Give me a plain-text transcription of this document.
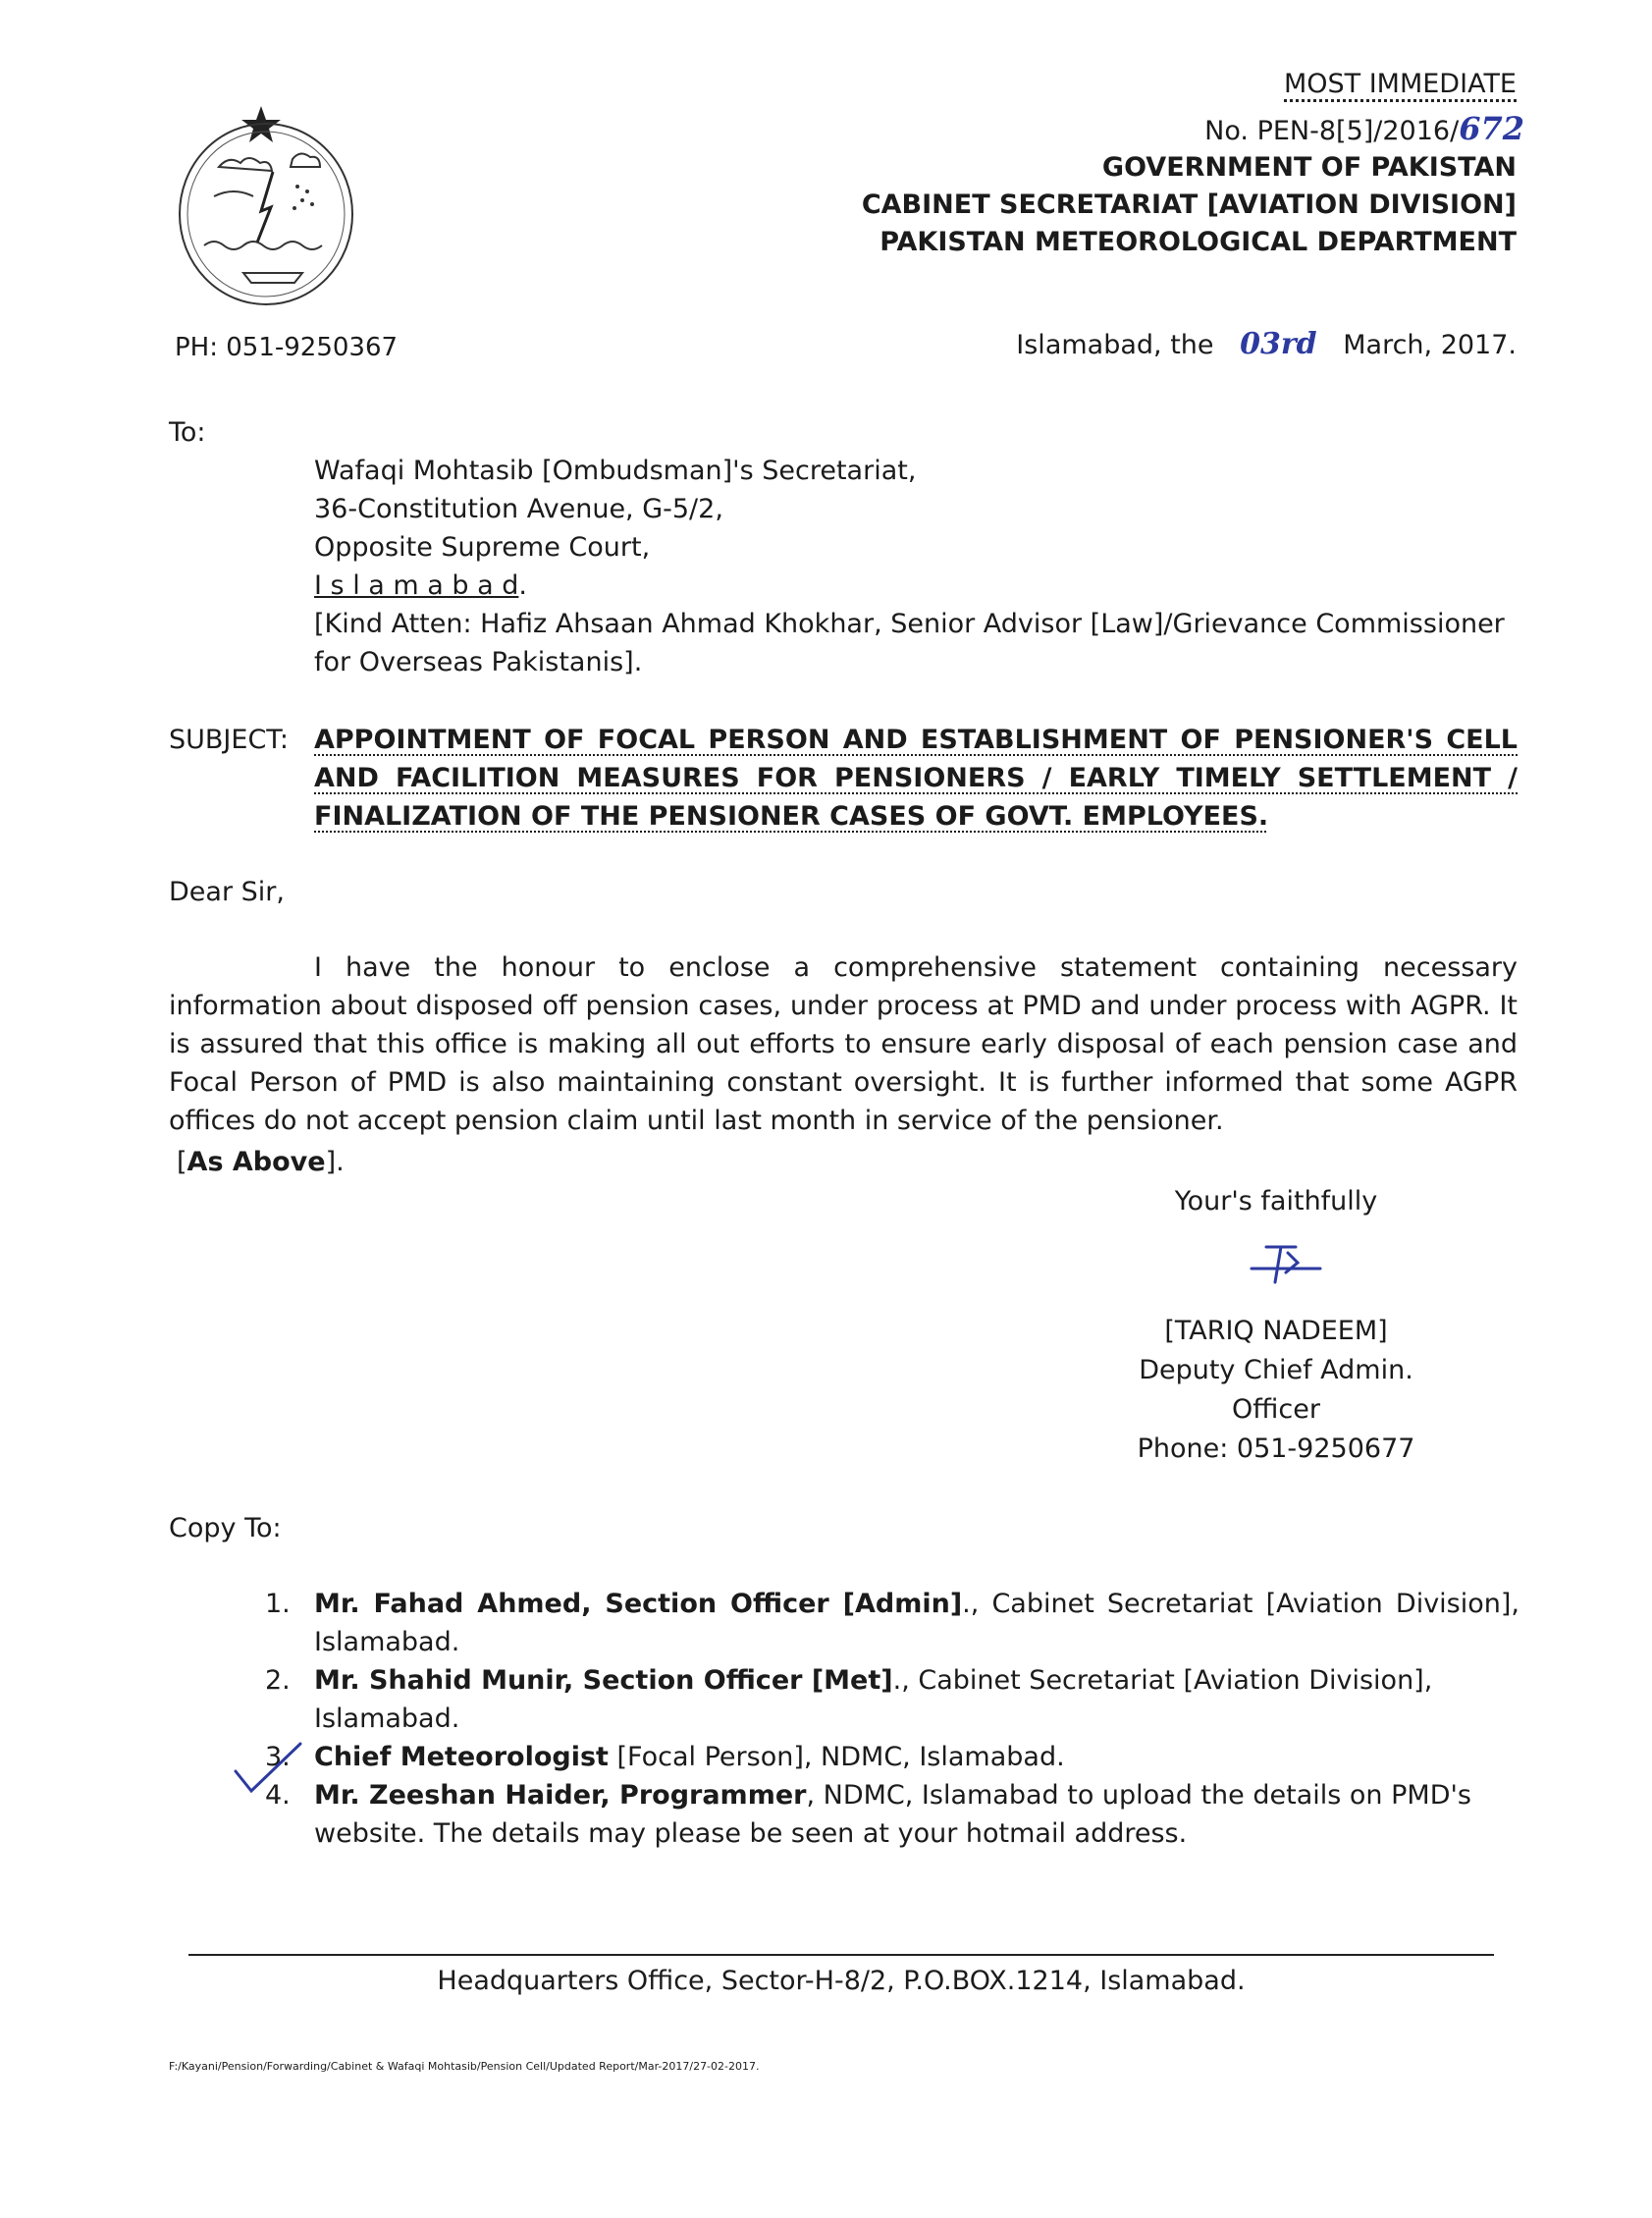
PH: 051-9250367
MOST IMMEDIATE
No. PEN-8[5]/2016/672
GOVERNMENT OF PAKISTAN
CABINET SECRETARIAT [AVIATION DIVISION]
PAKISTAN METEOROLOGICAL DEPARTMENT
Islamabad, the 03rd March, 2017.
To:
Wafaqi Mohtasib [Ombudsman]'s Secretariat,
36-Constitution Avenue, G-5/2,
Opposite Supreme Court,
I s l a m a b a d.
[Kind Atten: Hafiz Ahsaan Ahmad Khokhar, Senior Advisor [Law]/Grievance Commissioner for Overseas Pakistanis].
SUBJECT: APPOINTMENT OF FOCAL PERSON AND ESTABLISHMENT OF PENSIONER'S CELL AND FACILITION MEASURES FOR PENSIONERS / EARLY TIMELY SETTLEMENT / FINALIZATION OF THE PENSIONER CASES OF GOVT. EMPLOYEES.
Dear Sir,
I have the honour to enclose a comprehensive statement containing necessary information about disposed off pension cases, under process at PMD and under process with AGPR. It is assured that this office is making all out efforts to ensure early disposal of each pension case and Focal Person of PMD is also maintaining constant oversight. It is further informed that some AGPR offices do not accept pension claim until last month in service of the pensioner.
[As Above].
Your's faithfully
[TARIQ NADEEM]
Deputy Chief Admin. Officer
Phone: 051-9250677
Copy To:
1. Mr. Fahad Ahmed, Section Officer [Admin]., Cabinet Secretariat [Aviation Division], Islamabad.
2. Mr. Shahid Munir, Section Officer [Met]., Cabinet Secretariat [Aviation Division], Islamabad.
3. Chief Meteorologist [Focal Person], NDMC, Islamabad.
4. Mr. Zeeshan Haider, Programmer, NDMC, Islamabad to upload the details on PMD's website. The details may please be seen at your hotmail address.
Headquarters Office, Sector-H-8/2, P.O.BOX.1214, Islamabad.
F:/Kayani/Pension/Forwarding/Cabinet & Wafaqi Mohtasib/Pension Cell/Updated Report/Mar-2017/27-02-2017.
